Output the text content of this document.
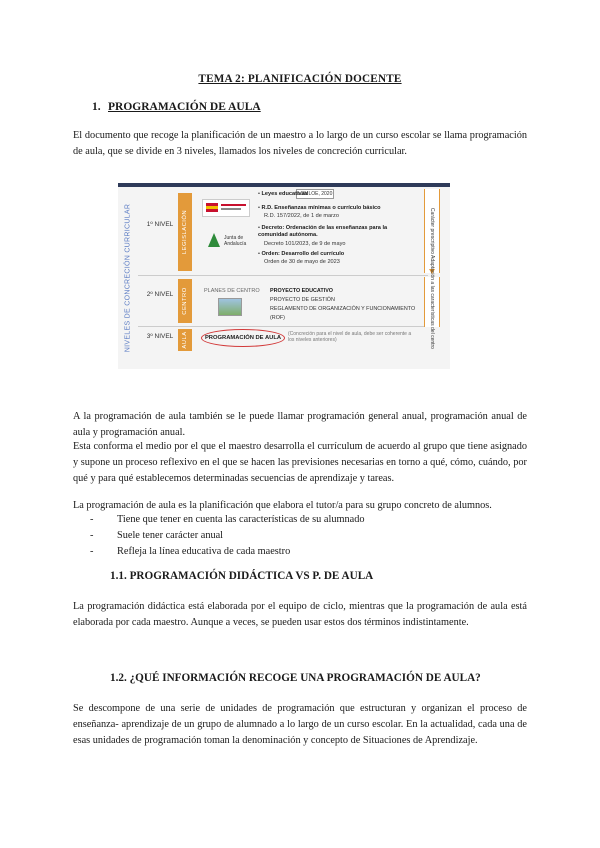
TEMA 2: PLANIFICACIÓN DOCENTE
1. PROGRAMACIÓN DE AULA
El documento que recoge la planificación de un maestro a lo largo de un curso escolar se llama programación de aula, que se divide en 3 niveles, llamados los niveles de concreción curricular.
NIVELES DE CONCRECIÓN CURRICULAR	1º NIVEL
2º NIVEL
3º NIVEL
LEGISLACIÓN
CENTRO
AULA
Junta de Andalucía
LOMLOE, 2020
• Leyes educativas
• R.D. Enseñanzas mínimas o currículo básico
R.D. 157/2022, de 1 de marzo
• Decreto: Ordenación de las enseñanzas para la comunidad autónoma.
Decreto 101/2023, de 9 de mayo
• Orden: Desarrollo del currículo
Orden de 30 de mayo de 2023
PLANES DE CENTRO PROYECTO EDUCATIVO
PROYECTO DE GESTIÓN
REGLAMENTO DE ORGANIZACIÓN Y FUNCIONAMIENTO (ROF)
PROGRAMACIÓN DE AULA
(Concreción para el nivel de aula, debe ser coherente a los niveles anteriores)
Carácter prescriptivo
Adaptación a las características del centro
A la programación de aula también se le puede llamar programación general anual, programación anual de aula y programación anual.
Esta conforma el medio por el que el maestro desarrolla el currículum de acuerdo al grupo que tiene asignado y supone un proceso reflexivo en el que se hacen las previsiones necesarias en torno a qué, cómo, cuándo, por qué y para qué establecemos determinadas secuencias de aprendizaje y tareas.
La programación de aula es la planificación que elabora el tutor/a para su grupo concreto de alumnos.
- Tiene que tener en cuenta las características de su alumnado
- Suele tener carácter anual
- Refleja la línea educativa de cada maestro
1.1. PROGRAMACIÓN DIDÁCTICA VS P. DE AULA
La programación didáctica está elaborada por el equipo de ciclo, mientras que la programación de aula está elaborada por cada maestro. Aunque a veces, se pueden usar estos dos términos indistintamente.
1.2. ¿QUÉ INFORMACIÓN RECOGE UNA PROGRAMACIÓN DE AULA?
Se descompone de una serie de unidades de programación que estructuran y organizan el proceso de enseñanza- aprendizaje de un grupo de alumnado a lo largo de un curso escolar. En la actualidad, cada una de esas unidades de programación toman la denominación y concepto de Situaciones de Aprendizaje.
